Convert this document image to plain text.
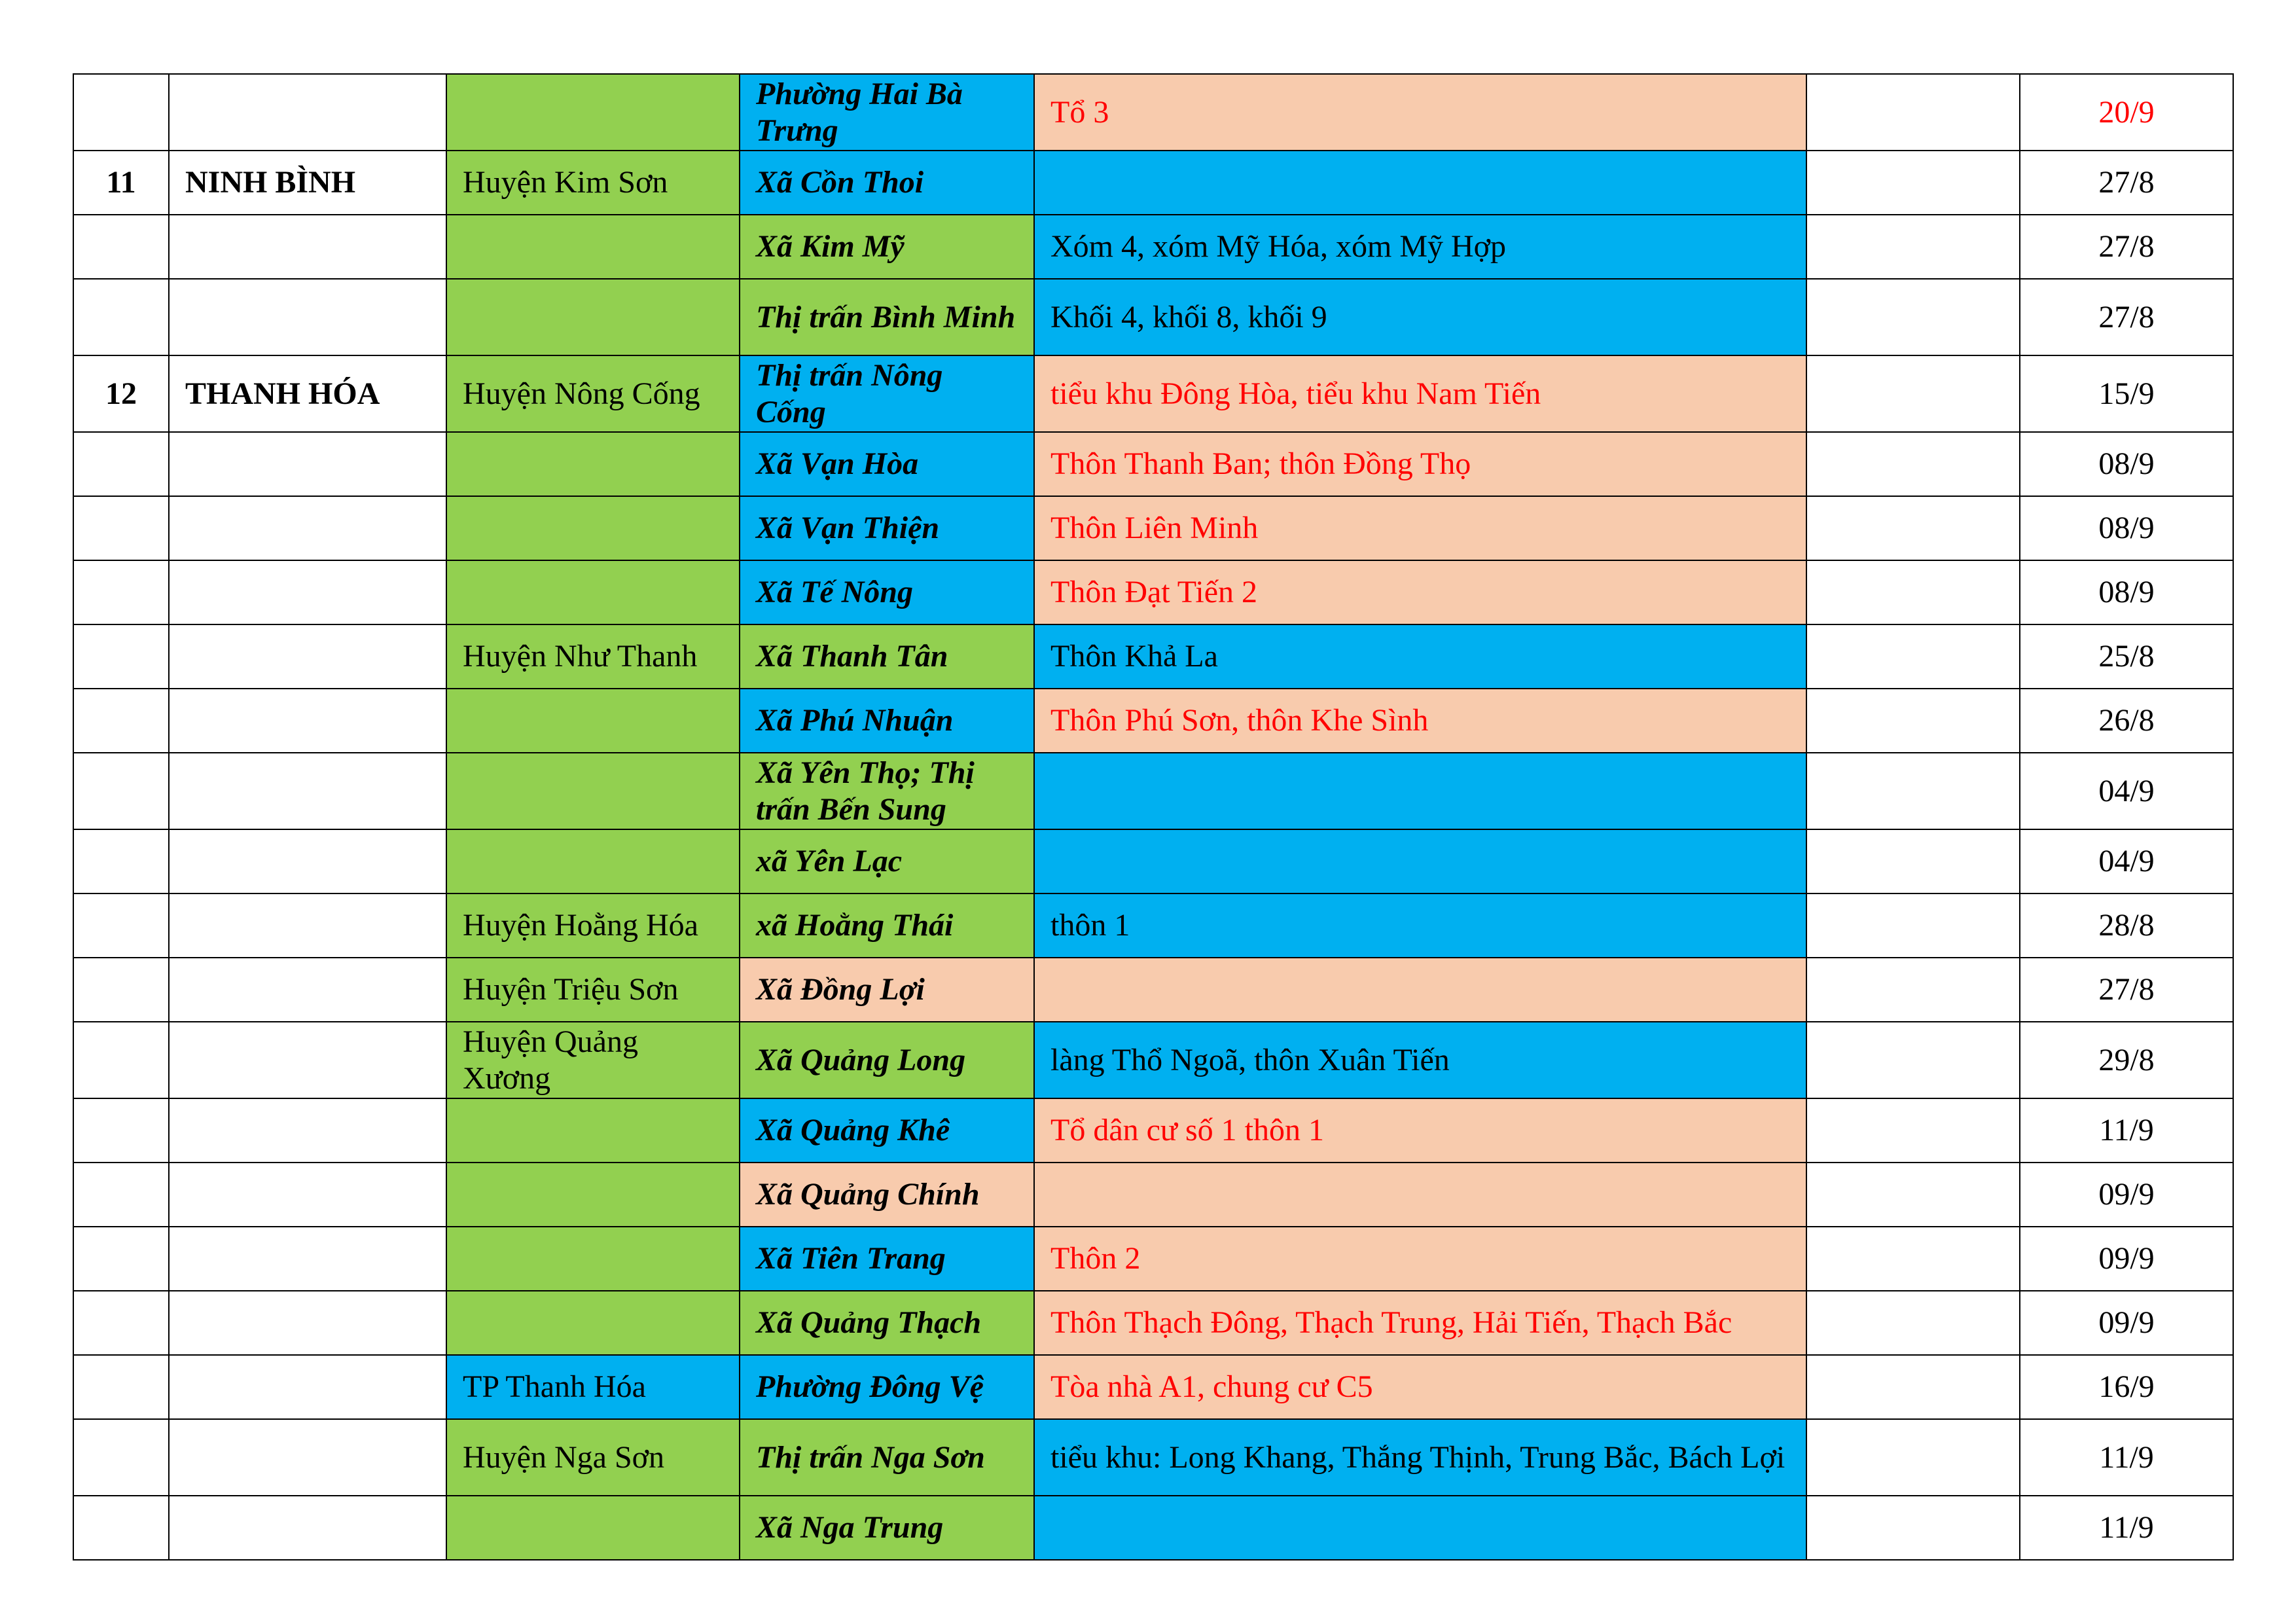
			Phường Hai Bà Trưng	Tổ 3		20/9
11	NINH BÌNH	Huyện Kim Sơn	Xã Cồn Thoi			27/8
			Xã Kim Mỹ	Xóm 4, xóm Mỹ Hóa, xóm Mỹ Hợp		27/8
			Thị trấn Bình Minh	Khối 4, khối 8, khối 9		27/8
12	THANH HÓA	Huyện Nông Cống	Thị trấn Nông Cống	tiểu khu Đông Hòa, tiểu khu Nam Tiến		15/9
			Xã Vạn Hòa	Thôn Thanh Ban; thôn Đồng Thọ		08/9
			Xã Vạn Thiện	Thôn Liên Minh		08/9
			Xã Tế Nông	Thôn Đạt Tiến 2		08/9
		Huyện Như Thanh	Xã Thanh Tân	Thôn Khả La		25/8
			Xã Phú Nhuận	Thôn Phú Sơn, thôn Khe Sình		26/8
			Xã Yên Thọ; Thị trấn Bến Sung			04/9
			xã Yên Lạc			04/9
		Huyện Hoằng Hóa	xã Hoằng Thái	thôn 1		28/8
		Huyện Triệu Sơn	Xã Đồng Lợi			27/8
		Huyện Quảng Xương	Xã Quảng Long	làng Thổ Ngoã, thôn Xuân Tiến		29/8
			Xã Quảng Khê	Tổ dân cư số 1 thôn 1		11/9
			Xã Quảng Chính			09/9
			Xã Tiên Trang	Thôn 2		09/9
			Xã Quảng Thạch	Thôn Thạch Đông, Thạch Trung, Hải Tiến, Thạch Bắc		09/9
		TP Thanh Hóa	Phường Đông Vệ	Tòa nhà A1, chung cư C5		16/9
		Huyện Nga Sơn	Thị trấn Nga Sơn	tiểu khu: Long Khang, Thắng Thịnh, Trung Bắc, Bách Lợi		11/9
			Xã Nga Trung			11/9
